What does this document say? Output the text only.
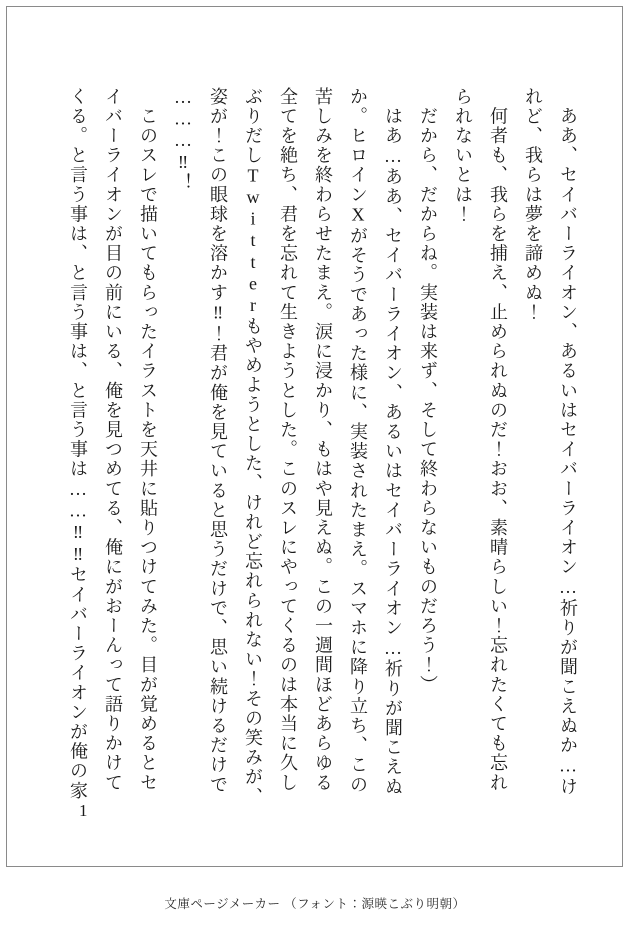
　ああ、セイバーライオン、あるいはセイバーライオン…祈りが聞こえぬか…け

れど、我らは夢を諦めぬ！

　何者も、我らを捕え、止められぬのだ！おお、素晴らしい！忘れたくても忘れ

られないとは！

　だから、だからね。実装は来ず、そして終わらないものだろう！）

　はあ…ああ、セイバーライオン、あるいはセイバーライオン…祈りが聞こえぬ

か。ヒロインXがそうであった様に、実装されたまえ。スマホに降り立ち、この

苦しみを終わらせたまえ。涙に浸かり、もはや見えぬ。この一週間ほどあらゆる

全てを絶ち、君を忘れて生きようとした。このスレにやってくるのは本当に久し

ぶりだしTwitterもやめようとした、けれど忘れられない！その笑みが、

姿が！この眼球を溶かす‼！君が俺を見ていると思うだけで、思い続けるだけで

………‼！

　このスレで描いてもらったイラストを天井に貼りつけてみた。目が覚めるとセ

イバーライオンが目の前にいる、俺を見つめてる、俺にがおーんって語りかけて

くる。と言う事は、と言う事は、と言う事は……‼‼セイバーライオンが俺の家

1
文庫ページメーカー （フォント：源暎こぶり明朝）
